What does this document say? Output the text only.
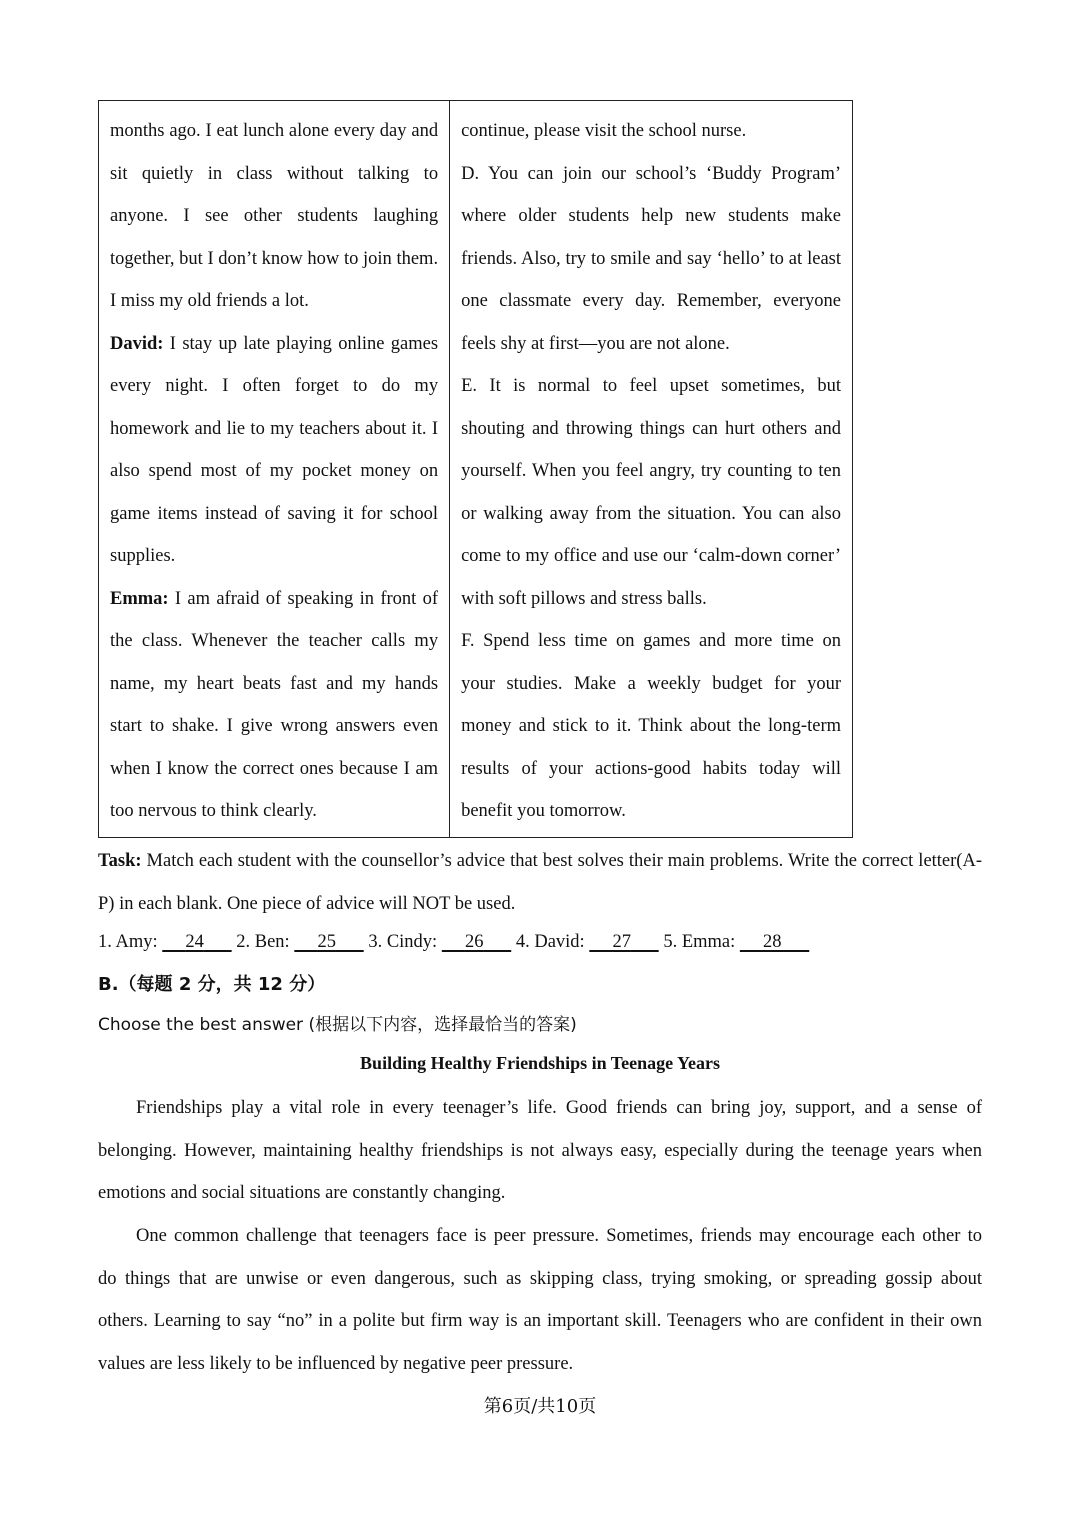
months ago. I eat lunch alone every day and
sit quietly in class without talking to
anyone. I see other students laughing
together, but I don’t know how to join them.
I miss my old friends a lot.
David: I stay up late playing online games
every night. I often forget to do my
homework and lie to my teachers about it. I
also spend most of my pocket money on
game items instead of saving it for school
supplies.
Emma: I am afraid of speaking in front of
the class. Whenever the teacher calls my
name, my heart beats fast and my hands
start to shake. I give wrong answers even
when I know the correct ones because I am
too nervous to think clearly.
continue, please visit the school nurse.
D. You can join our school’s ‘Buddy Program’
where older students help new students make
friends. Also, try to smile and say ‘hello’ to at least
one classmate every day. Remember, everyone
feels shy at first—you are not alone.
E. It is normal to feel upset sometimes, but
shouting and throwing things can hurt others and
yourself. When you feel angry, try counting to ten
or walking away from the situation. You can also
come to my office and use our ‘calm-down corner’
with soft pillows and stress balls.
F. Spend less time on games and more time on
your studies. Make a weekly budget for your
money and stick to it. Think about the long-term
results of your actions-good habits today will
benefit you tomorrow.
Task: Match each student with the counsellor’s advice that best solves their main problems. Write the correct letter(A-
P) in each blank. One piece of advice will NOT be used.
1. Amy:      24       2. Ben:      25       3. Cindy:      26       4. David:      27       5. Emma:      28
B.（每题 2 分，共 12 分）
Choose the best answer (根据以下内容，选择最恰当的答案)
Building Healthy Friendships in Teenage Years
Friendships play a vital role in every teenager’s life. Good friends can bring joy, support, and a sense of
belonging. However, maintaining healthy friendships is not always easy, especially during the teenage years when
emotions and social situations are constantly changing.
One common challenge that teenagers face is peer pressure. Sometimes, friends may encourage each other to
do things that are unwise or even dangerous, such as skipping class, trying smoking, or spreading gossip about
others. Learning to say “no” in a polite but firm way is an important skill. Teenagers who are confident in their own
values are less likely to be influenced by negative peer pressure.
第6页/共10页
